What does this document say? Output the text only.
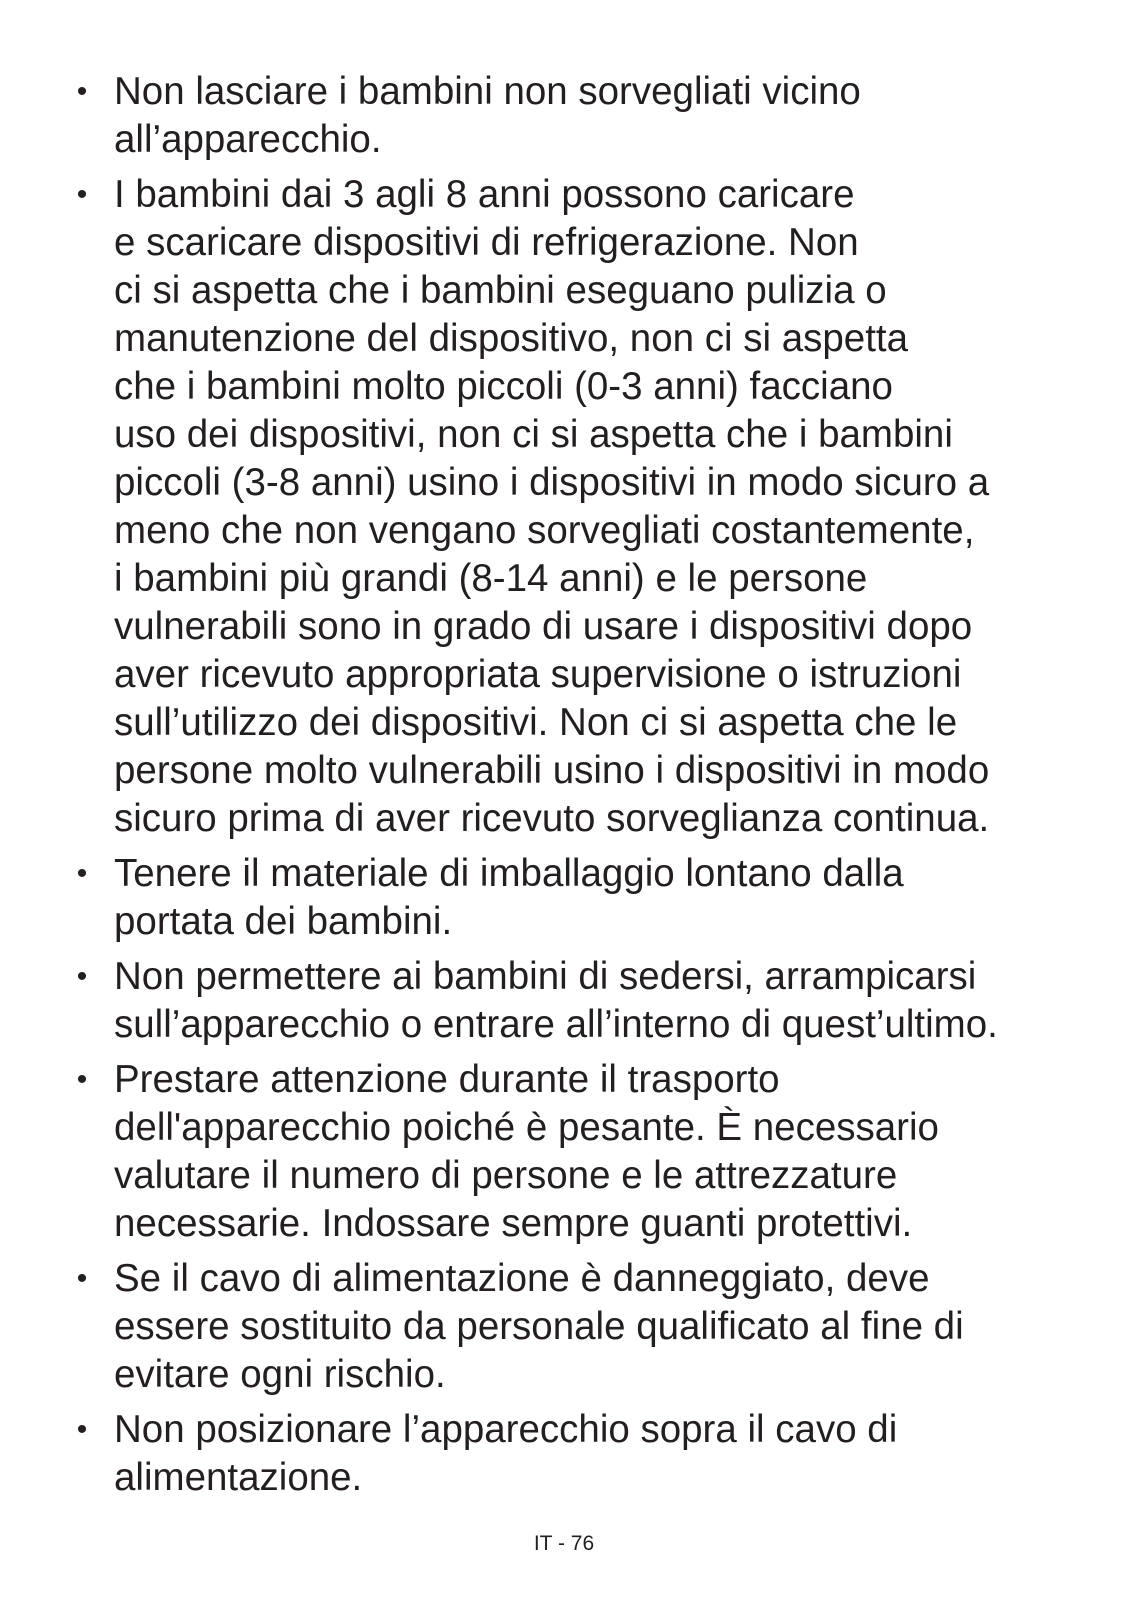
• Non lasciare i bambini non sorvegliati vicino
all’apparecchio.
• I bambini dai 3 agli 8 anni possono caricare
e scaricare dispositivi di refrigerazione. Non
ci si aspetta che i bambini eseguano pulizia o
manutenzione del dispositivo, non ci si aspetta
che i bambini molto piccoli (0-3 anni) facciano
uso dei dispositivi, non ci si aspetta che i bambini
piccoli (3-8 anni) usino i dispositivi in modo sicuro a
meno che non vengano sorvegliati costantemente,
i bambini più grandi (8-14 anni) e le persone
vulnerabili sono in grado di usare i dispositivi dopo
aver ricevuto appropriata supervisione o istruzioni
sull’utilizzo dei dispositivi. Non ci si aspetta che le
persone molto vulnerabili usino i dispositivi in modo
sicuro prima di aver ricevuto sorveglianza continua.
• Tenere il materiale di imballaggio lontano dalla
portata dei bambini.
• Non permettere ai bambini di sedersi, arrampicarsi
sull’apparecchio o entrare all’interno di quest’ultimo.
• Prestare attenzione durante il trasporto
dell'apparecchio poiché è pesante. È necessario
valutare il numero di persone e le attrezzature
necessarie. Indossare sempre guanti protettivi.
• Se il cavo di alimentazione è danneggiato, deve
essere sostituito da personale qualificato al fine di
evitare ogni rischio.
• Non posizionare l’apparecchio sopra il cavo di
alimentazione.
IT - 76
